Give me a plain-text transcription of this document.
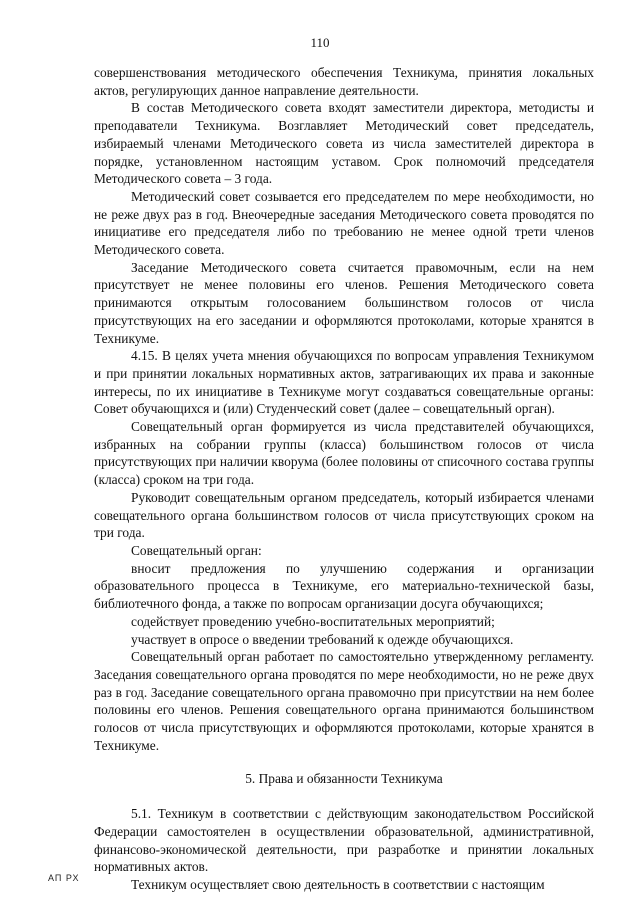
110

совершенствования методического обеспечения Техникума, принятия локальных актов, регулирующих данное направление деятельности.

В состав Методического совета входят заместители директора, методисты и преподаватели Техникума. Возглавляет Методический совет председатель, избираемый членами Методического совета из числа заместителей директора в порядке, установленном настоящим уставом. Срок полномочий председателя Методического совета – 3 года.

Методический совет созывается его председателем по мере необходимости, но не реже двух раз в год. Внеочередные заседания Методического совета проводятся по инициативе его председателя либо по требованию не менее одной трети членов Методического совета.

Заседание Методического совета считается правомочным, если на нем присутствует не менее половины его членов. Решения Методического совета принимаются открытым голосованием большинством голосов от числа присутствующих на его заседании и оформляются протоколами, которые хранятся в Техникуме.

4.15. В целях учета мнения обучающихся по вопросам управления Техникумом и при принятии локальных нормативных актов, затрагивающих их права и законные интересы, по их инициативе в Техникуме могут создаваться совещательные органы: Совет обучающихся и (или) Студенческий совет (далее – совещательный орган).

Совещательный орган формируется из числа представителей обучающихся, избранных на собрании группы (класса) большинством голосов от числа присутствующих при наличии кворума (более половины от списочного состава группы (класса) сроком на три года.

Руководит совещательным органом председатель, который избирается членами совещательного органа большинством голосов от числа присутствующих сроком на три года.

Совещательный орган:

вносит предложения по улучшению содержания и организации образовательного процесса в Техникуме, его материально-технической базы, библиотечного фонда, а также по вопросам организации досуга обучающихся;

содействует проведению учебно-воспитательных мероприятий;

участвует в опросе о введении требований к одежде обучающихся.

Совещательный орган работает по самостоятельно утвержденному регламенту. Заседания совещательного органа проводятся по мере необходимости, но не реже двух раз в год. Заседание совещательного органа правомочно при присутствии на нем более половины его членов. Решения совещательного органа принимаются большинством голосов от числа присутствующих и оформляются протоколами, которые хранятся в Техникуме.

5. Права и обязанности Техникума

5.1. Техникум в соответствии с действующим законодательством Российской Федерации самостоятелен в осуществлении образовательной, административной, финансово-экономической деятельности, при разработке и принятии локальных нормативных актов.

Техникум осуществляет свою деятельность в соответствии с настоящим

АП РХ
